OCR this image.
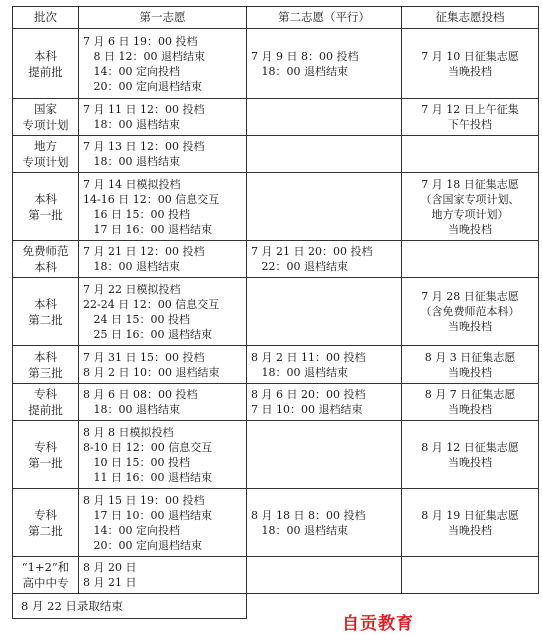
批次	第一志愿	第二志愿（平行）	征集志愿投档

本科
提前批	7 月 6 日 19：00 投档
8 日 12：00 退档结束
14：00 定向投档
20：00 定向退档结束	7 月 9 日 8：00 投档
18：00 退档结束	7 月 10 日征集志愿
当晚投档

国家
专项计划	7 月 11 日 12：00 投档
18：00 退档结束		7 月 12 日上午征集
下午投档

地方
专项计划	7 月 13 日 12：00 投档
18：00 退档结束		

本科
第一批	7 月 14 日模拟投档
14-16 日 12：00 信息交互
16 日 15：00 投档
17 日 16：00 退档结束		7 月 18 日征集志愿
（含国家专项计划、
地方专项计划）
当晚投档

免费师范
本科	7 月 21 日 12：00 投档
18：00 退档结束	7 月 21 日 20：00 投档
22：00 退档结束	

本科
第二批	7 月 22 日模拟投档
22-24 日 12：00 信息交互
24 日 15：00 投档
25 日 16：00 退档结束		7 月 28 日征集志愿
（含免费师范本科）
当晚投档

本科
第三批	7 月 31 日 15：00 投档
8 月 2 日 10：00 退档结束	8 月 2 日 11：00 投档
18：00 退档结束	8 月 3 日征集志愿
当晚投档

专科
提前批	8 月 6 日 08：00 投档
18：00 退档结束	8 月 6 日 20：00 投档
7 日 10：00 退档结束	8 月 7 日征集志愿
当晚投档

专科
第一批	8 月 8 日模拟投档
8-10 日 12：00 信息交互
10 日 15：00 投档
11 日 16：00 退档结束		8 月 12 日征集志愿
当晚投档

专科
第二批	8 月 15 日 19：00 投档
17 日 10：00 退档结束
14：00 定向投档
20：00 定向退档结束	8 月 18 日 8：00 投档
18：00 退档结束	8 月 19 日征集志愿
当晚投档

“1+2”和
高中中专	8 月 20 日
8 月 21 日		

8 月 22 日录取结束			
自贡教育
